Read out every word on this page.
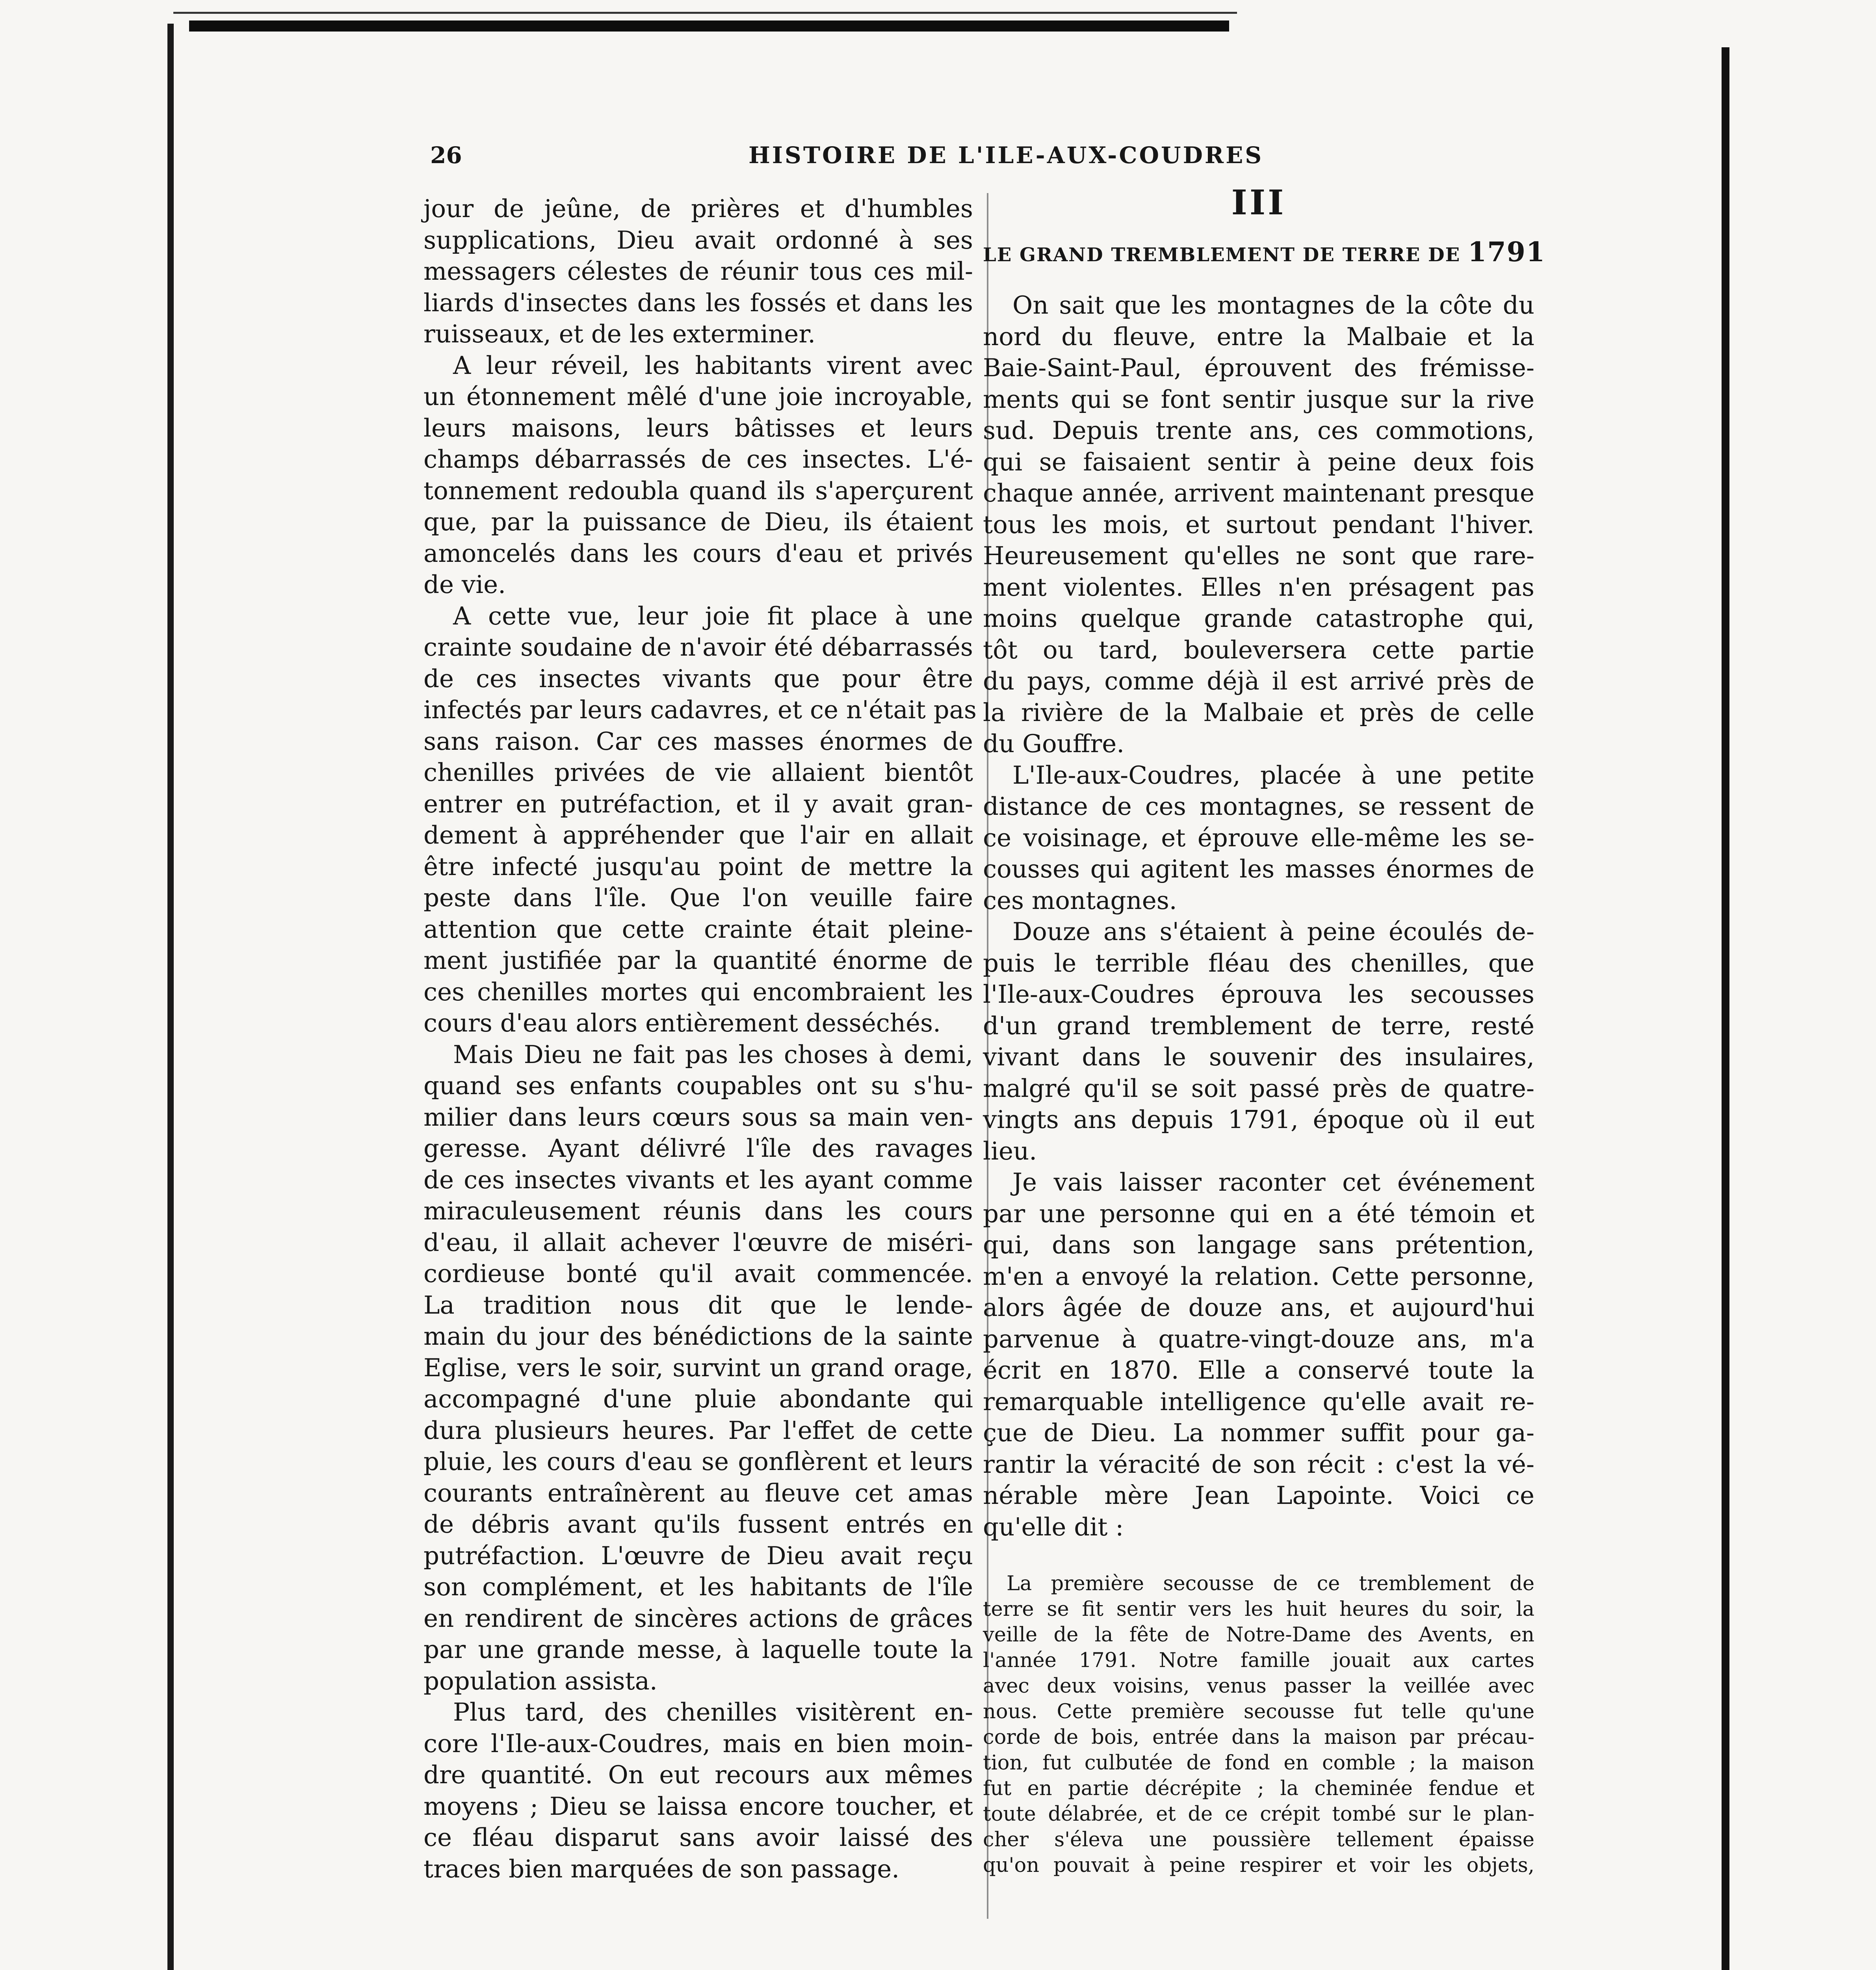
26	HISTOIRE DE L'ILE-AUX-COUDRES
jour de jeûne, de prières et d'humbles
supplications, Dieu avait ordonné à ses
messagers célestes de réunir tous ces mil-
liards d'insectes dans les fossés et dans les
ruisseaux, et de les exterminer.
A leur réveil, les habitants virent avec
un étonnement mêlé d'une joie incroyable,
leurs maisons, leurs bâtisses et leurs
champs débarrassés de ces insectes. L'é-
tonnement redoubla quand ils s'aperçurent
que, par la puissance de Dieu, ils étaient
amoncelés dans les cours d'eau et privés
de vie.
A cette vue, leur joie fit place à une
crainte soudaine de n'avoir été débarrassés
de ces insectes vivants que pour être
infectés par leurs cadavres, et ce n'était pas
sans raison. Car ces masses énormes de
chenilles privées de vie allaient bientôt
entrer en putréfaction, et il y avait gran-
dement à appréhender que l'air en allait
être infecté jusqu'au point de mettre la
peste dans l'île. Que l'on veuille faire
attention que cette crainte était pleine-
ment justifiée par la quantité énorme de
ces chenilles mortes qui encombraient les
cours d'eau alors entièrement desséchés.
Mais Dieu ne fait pas les choses à demi,
quand ses enfants coupables ont su s'hu-
milier dans leurs cœurs sous sa main ven-
geresse. Ayant délivré l'île des ravages
de ces insectes vivants et les ayant comme
miraculeusement réunis dans les cours
d'eau, il allait achever l'œuvre de miséri-
cordieuse bonté qu'il avait commencée.
La tradition nous dit que le lende-
main du jour des bénédictions de la sainte
Eglise, vers le soir, survint un grand orage,
accompagné d'une pluie abondante qui
dura plusieurs heures. Par l'effet de cette
pluie, les cours d'eau se gonflèrent et leurs
courants entraînèrent au fleuve cet amas
de débris avant qu'ils fussent entrés en
putréfaction. L'œuvre de Dieu avait reçu
son complément, et les habitants de l'île
en rendirent de sincères actions de grâces
par une grande messe, à laquelle toute la
population assista.
Plus tard, des chenilles visitèrent en-
core l'Ile-aux-Coudres, mais en bien moin-
dre quantité. On eut recours aux mêmes
moyens ; Dieu se laissa encore toucher, et
ce fléau disparut sans avoir laissé des
traces bien marquées de son passage.
III
LE GRAND TREMBLEMENT DE TERRE DE 1791
On sait que les montagnes de la côte du
nord du fleuve, entre la Malbaie et la
Baie-Saint-Paul, éprouvent des frémisse-
ments qui se font sentir jusque sur la rive
sud. Depuis trente ans, ces commotions,
qui se faisaient sentir à peine deux fois
chaque année, arrivent maintenant presque
tous les mois, et surtout pendant l'hiver.
Heureusement qu'elles ne sont que rare-
ment violentes. Elles n'en présagent pas
moins quelque grande catastrophe qui,
tôt ou tard, bouleversera cette partie
du pays, comme déjà il est arrivé près de
la rivière de la Malbaie et près de celle
du Gouffre.
L'Ile-aux-Coudres, placée à une petite
distance de ces montagnes, se ressent de
ce voisinage, et éprouve elle-même les se-
cousses qui agitent les masses énormes de
ces montagnes.
Douze ans s'étaient à peine écoulés de-
puis le terrible fléau des chenilles, que
l'Ile-aux-Coudres éprouva les secousses
d'un grand tremblement de terre, resté
vivant dans le souvenir des insulaires,
malgré qu'il se soit passé près de quatre-
vingts ans depuis 1791, époque où il eut
lieu.
Je vais laisser raconter cet événement
par une personne qui en a été témoin et
qui, dans son langage sans prétention,
m'en a envoyé la relation. Cette personne,
alors âgée de douze ans, et aujourd'hui
parvenue à quatre-vingt-douze ans, m'a
écrit en 1870. Elle a conservé toute la
remarquable intelligence qu'elle avait re-
çue de Dieu. La nommer suffit pour ga-
rantir la véracité de son récit : c'est la vé-
nérable mère Jean Lapointe. Voici ce
qu'elle dit :
La première secousse de ce tremblement de
terre se fit sentir vers les huit heures du soir, la
veille de la fête de Notre-Dame des Avents, en
l'année 1791. Notre famille jouait aux cartes
avec deux voisins, venus passer la veillée avec
nous. Cette première secousse fut telle qu'une
corde de bois, entrée dans la maison par précau-
tion, fut culbutée de fond en comble ; la maison
fut en partie décrépite ; la cheminée fendue et
toute délabrée, et de ce crépit tombé sur le plan-
cher s'éleva une poussière tellement épaisse
qu'on pouvait à peine respirer et voir les objets,
